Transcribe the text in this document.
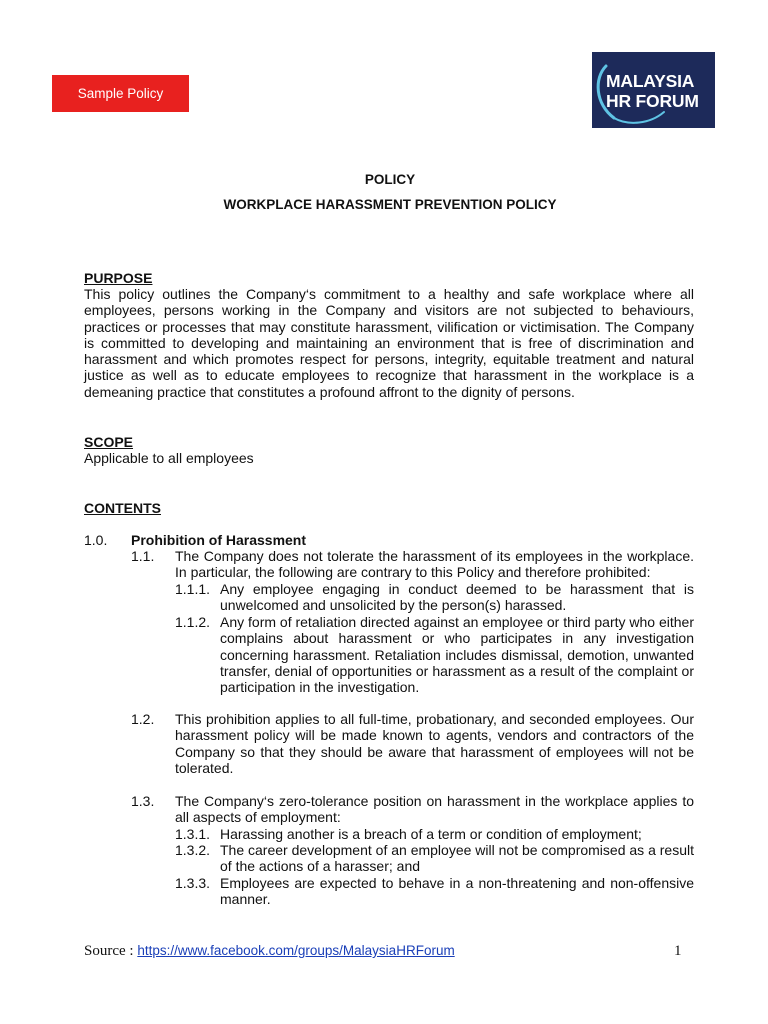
Sample Policy
MALAYSIA
HR FORUM
POLICY
WORKPLACE HARASSMENT PREVENTION POLICY
PURPOSE
This policy outlines the Company‘s commitment to a healthy and safe workplace where all employees, persons working in the Company and visitors are not subjected to behaviours, practices or processes that may constitute harassment, vilification or victimisation. The Company is committed to developing and maintaining an environment that is free of discrimination and harassment and which promotes respect for persons, integrity, equitable treatment and natural justice as well as to educate employees to recognize that harassment in the workplace is a demeaning practice that constitutes a profound affront to the dignity of persons.
SCOPE
Applicable to all employees
CONTENTS
1.0. Prohibition of Harassment
1.1. The Company does not tolerate the harassment of its employees in the workplace. In particular, the following are contrary to this Policy and therefore prohibited:
1.1.1. Any employee engaging in conduct deemed to be harassment that is unwelcomed and unsolicited by the person(s) harassed.
1.1.2. Any form of retaliation directed against an employee or third party who either complains about harassment or who participates in any investigation concerning harassment. Retaliation includes dismissal, demotion, unwanted transfer, denial of opportunities or harassment as a result of the complaint or participation in the investigation.
1.2. This prohibition applies to all full-time, probationary, and seconded employees. Our harassment policy will be made known to agents, vendors and contractors of the Company so that they should be aware that harassment of employees will not be tolerated.
1.3. The Company‘s zero-tolerance position on harassment in the workplace applies to all aspects of employment:
1.3.1. Harassing another is a breach of a term or condition of employment;
1.3.2. The career development of an employee will not be compromised as a result of the actions of a harasser; and
1.3.3. Employees are expected to behave in a non-threatening and non-offensive manner.
Source : https://www.facebook.com/groups/MalaysiaHRForum	1
